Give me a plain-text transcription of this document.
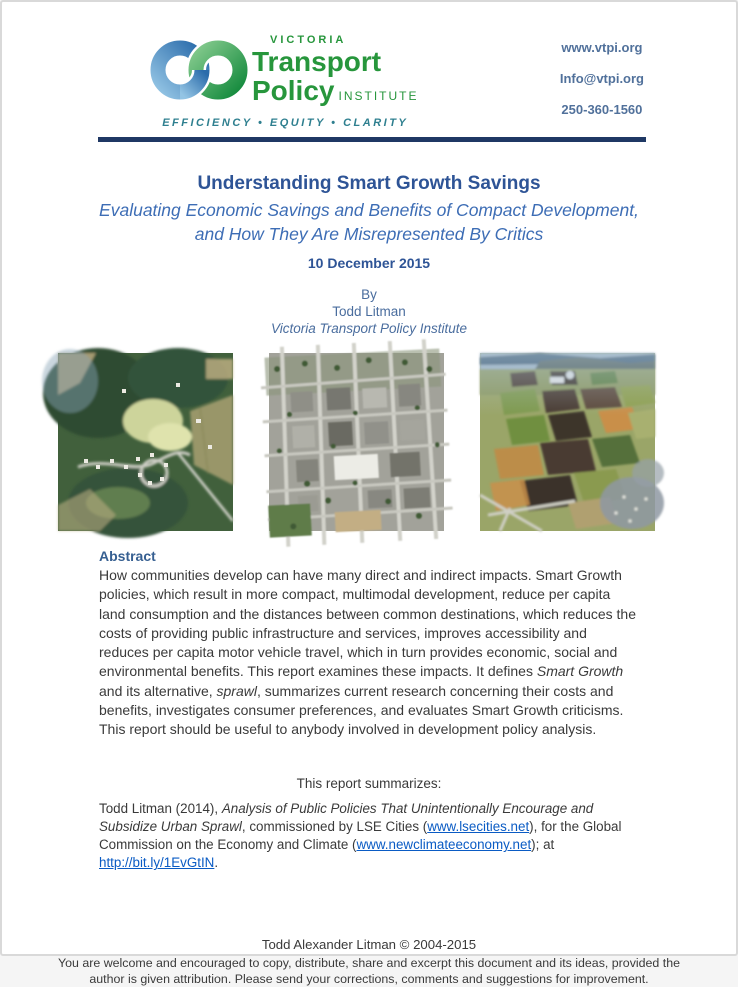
VICTORIA
Transport
Policy INSTITUTE
EFFICIENCY • EQUITY • CLARITY
www.vtpi.org
Info@vtpi.org
250-360-1560
Understanding Smart Growth Savings
Evaluating Economic Savings and Benefits of Compact Development,
and How They Are Misrepresented By Critics
10 December 2015
By
Todd Litman
Victoria Transport Policy Institute
Abstract
How communities develop can have many direct and indirect impacts. Smart Growth policies, which result in more compact, multimodal development, reduce per capita land consumption and the distances between common destinations, which reduces the costs of providing public infrastructure and services, improves accessibility and reduces per capita motor vehicle travel, which in turn provides economic, social and environmental benefits. This report examines these impacts. It defines Smart Growth and its alternative, sprawl, summarizes current research concerning their costs and benefits, investigates consumer preferences, and evaluates Smart Growth criticisms. This report should be useful to anybody involved in development policy analysis.
This report summarizes:
Todd Litman (2014), Analysis of Public Policies That Unintentionally Encourage and Subsidize Urban Sprawl, commissioned by LSE Cities (www.lsecities.net), for the Global Commission on the Economy and Climate (www.newclimateeconomy.net); at http://bit.ly/1EvGtIN.
Todd Alexander Litman © 2004-2015
You are welcome and encouraged to copy, distribute, share and excerpt this document and its ideas, provided the author is given attribution. Please send your corrections, comments and suggestions for improvement.
